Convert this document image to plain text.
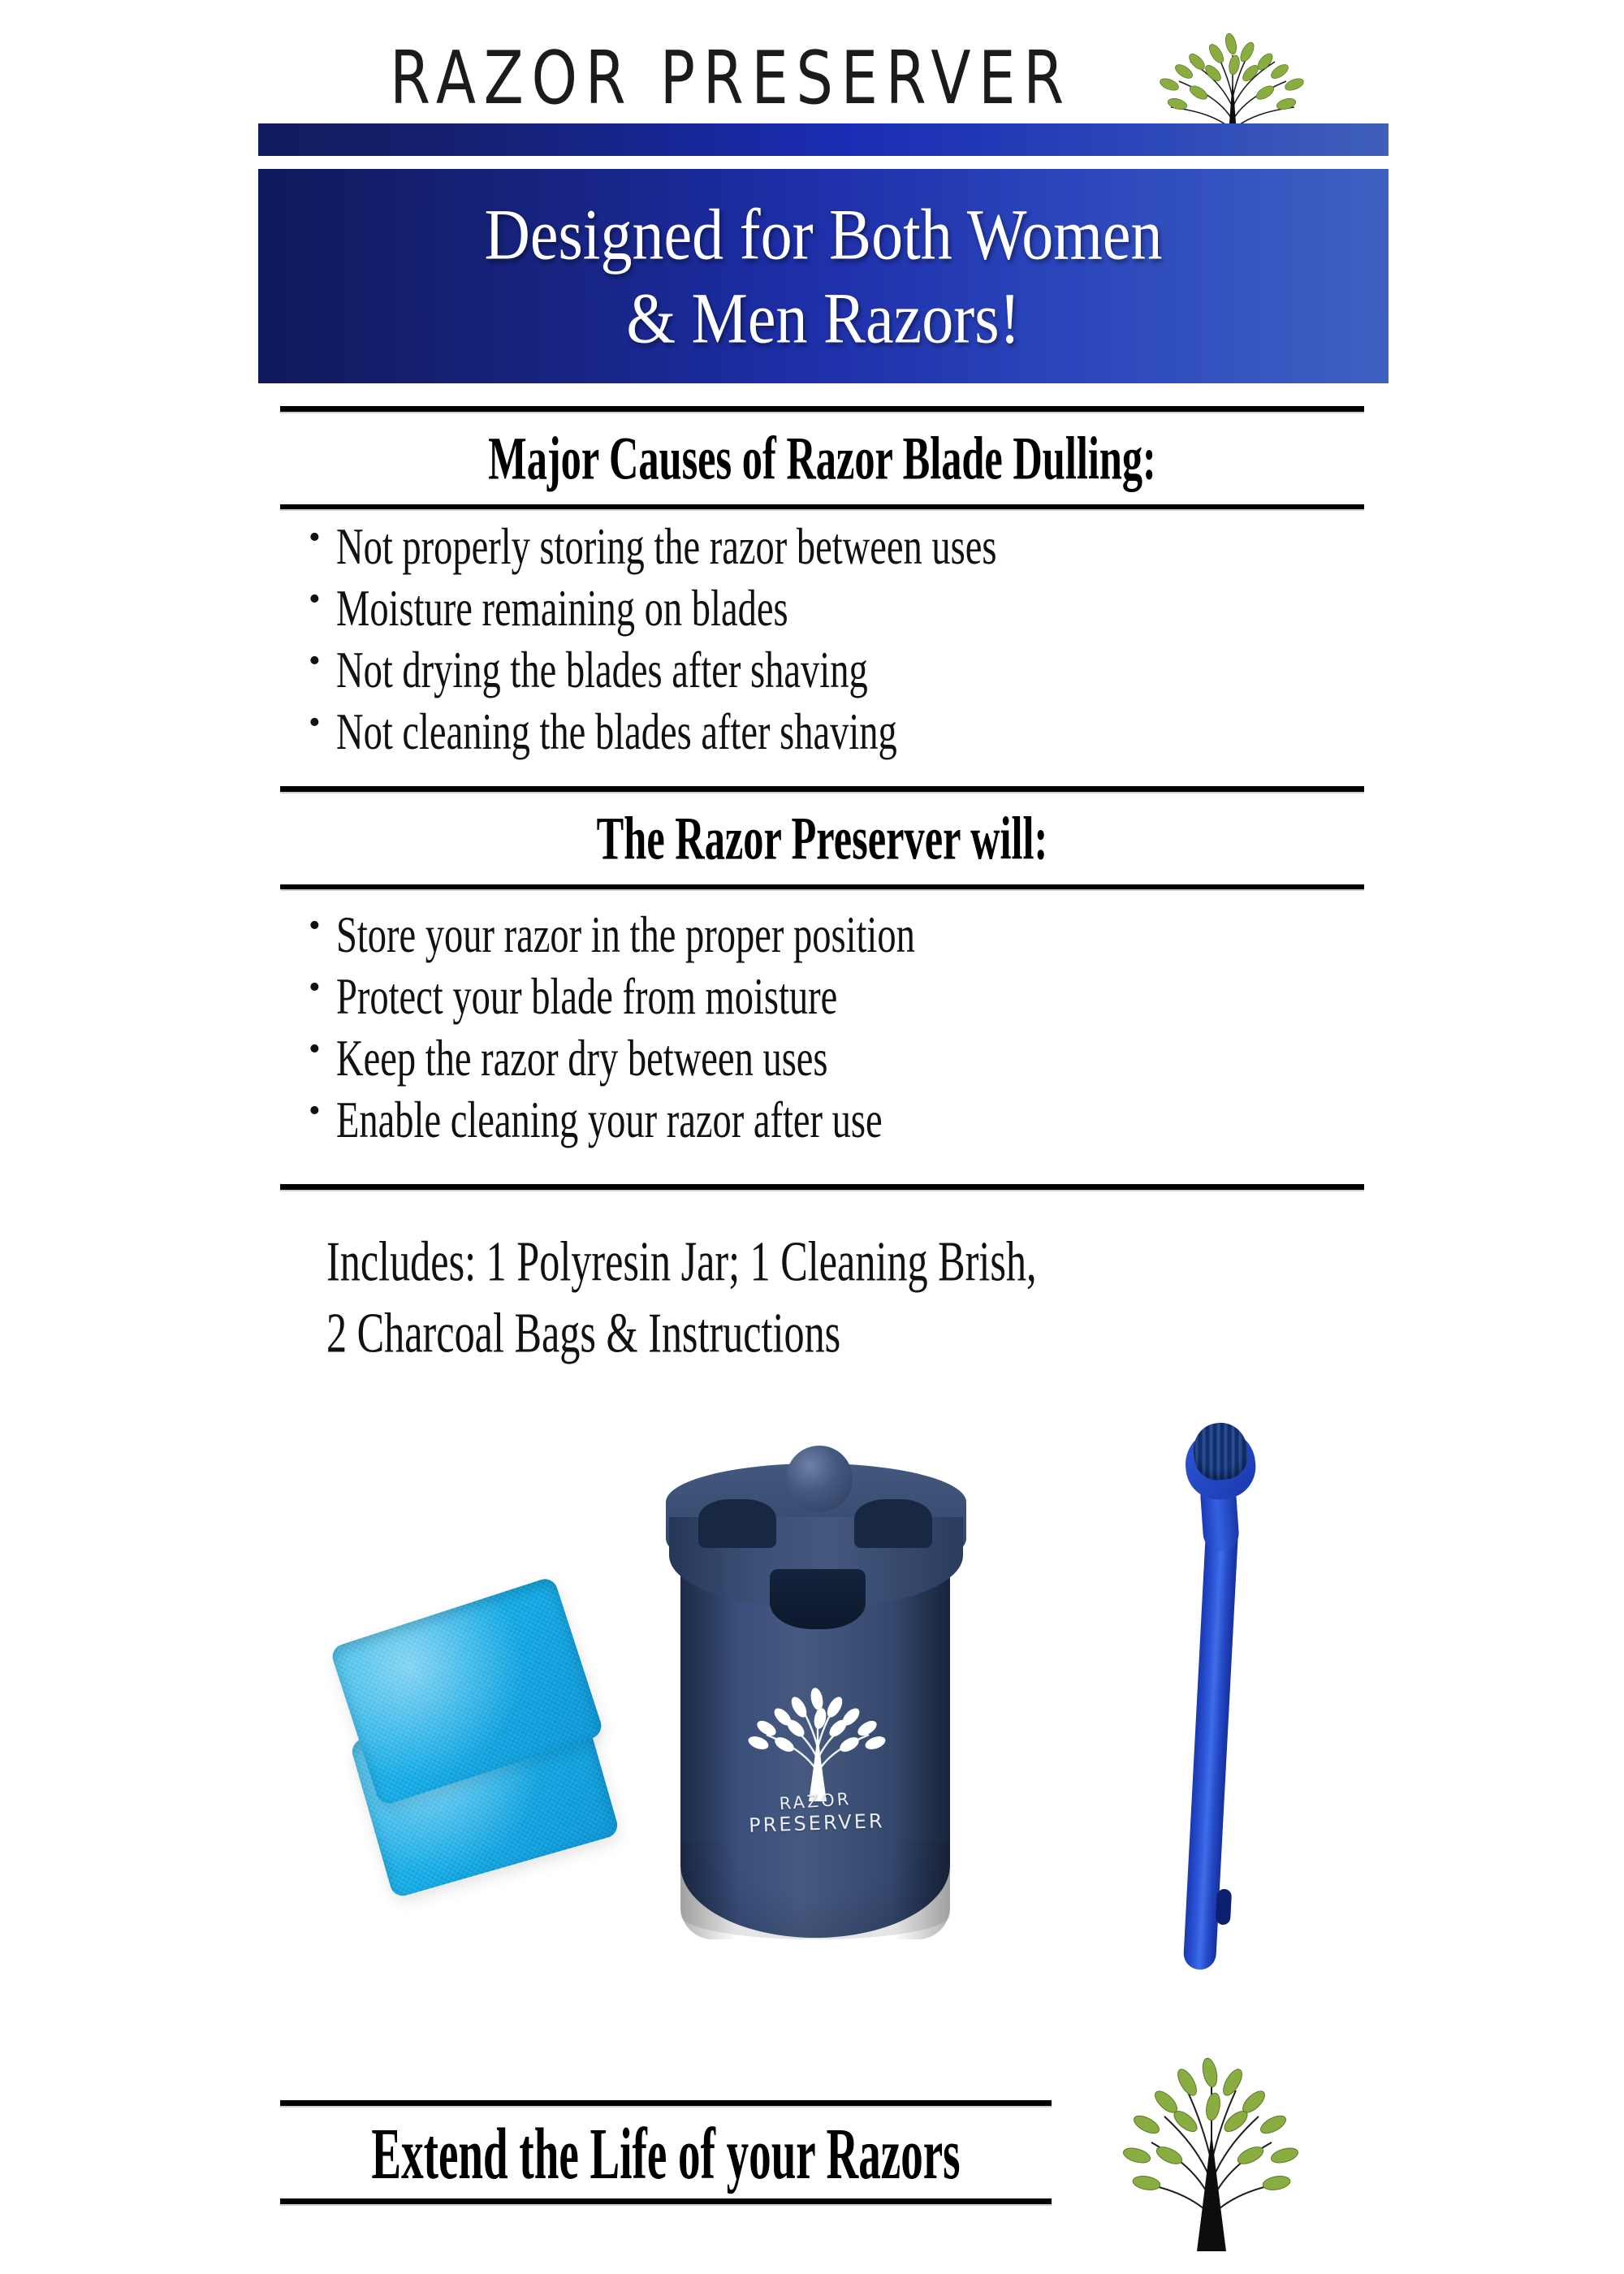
RAZOR PRESERVER
Designed for Both Women
& Men Razors!
Major Causes of Razor Blade Dulling:
• Not properly storing the razor between uses
• Moisture remaining on blades
• Not drying the blades after shaving
• Not cleaning the blades after shaving
The Razor Preserver will:
• Store your razor in the proper position
• Protect your blade from moisture
• Keep the razor dry between uses
• Enable cleaning your razor after use
Includes: 1 Polyresin Jar; 1 Cleaning Brish,
2 Charcoal Bags & Instructions
RAZOR
PRESERVER
Extend the Life of your Razors
